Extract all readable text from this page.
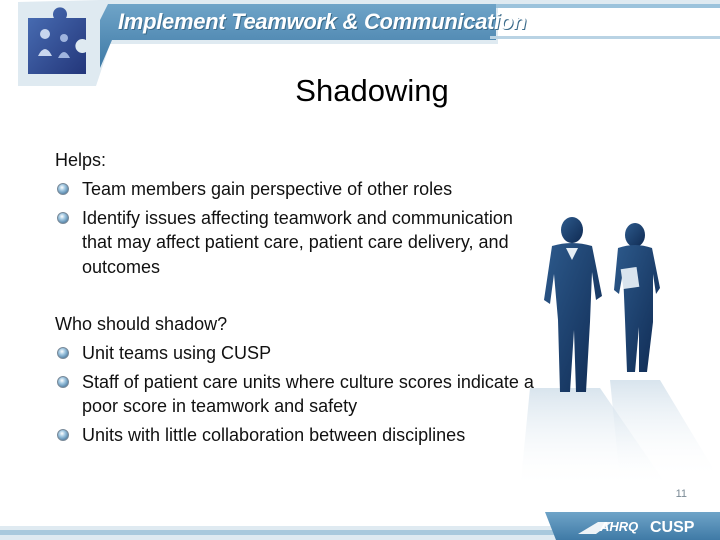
Implement Teamwork & Communication
Shadowing

Helps:

Team members gain perspective of other roles
Identify issues affecting teamwork and communication that may affect patient care, patient care delivery, and outcomes

Who should shadow?

Unit teams using CUSP
Staff of patient care units where culture scores indicate a poor score in teamwork and safety
Units with little collaboration between disciplines
11
AHRQ CUSP
